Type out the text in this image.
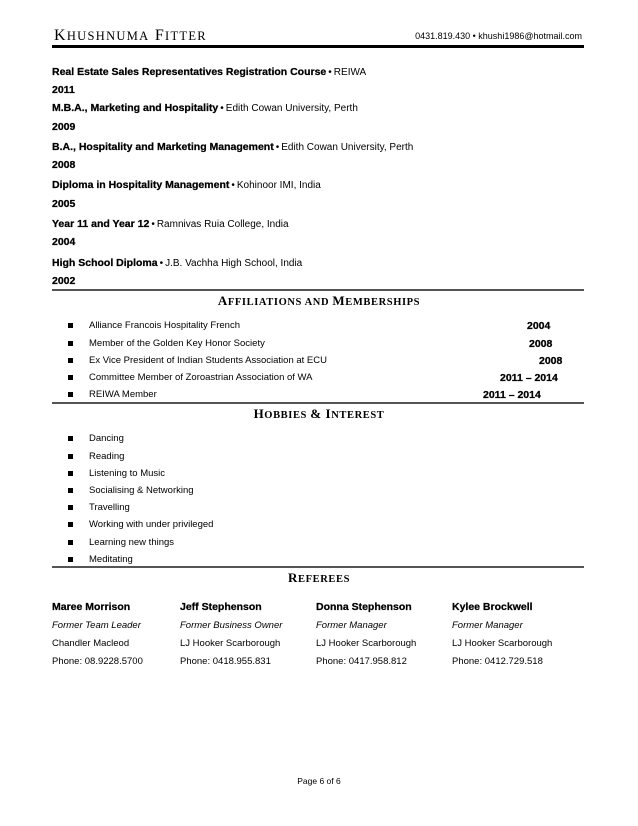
KHUSHNUMA FITTER	0431.819.430 • khushi1986@hotmail.com
Real Estate Sales Representatives Registration Course • REIWA
2011
M.B.A., Marketing and Hospitality • Edith Cowan University, Perth
2009
B.A., Hospitality and Marketing Management • Edith Cowan University, Perth
2008
Diploma in Hospitality Management • Kohinoor IMI, India
2005
Year 11 and Year 12 • Ramnivas Ruia College, India
2004
High School Diploma • J.B. Vachha High School, India
2002
AFFILIATIONS AND MEMBERSHIPS
Alliance Francois Hospitality French	2004
Member of the Golden Key Honor Society	2008
Ex Vice President of Indian Students Association at ECU	2008
Committee Member of Zoroastrian Association of WA	2011 – 2014
REIWA Member	2011 – 2014
HOBBIES & INTEREST
Dancing
Reading
Listening to Music
Socialising & Networking
Travelling
Working with under privileged
Learning new things
Meditating
REFEREES
Maree Morrison
Former Team Leader
Chandler Macleod
Phone: 08.9228.5700
Jeff Stephenson
Former Business Owner
LJ Hooker Scarborough
Phone: 0418.955.831
Donna Stephenson
Former Manager
LJ Hooker Scarborough
Phone: 0417.958.812
Kylee Brockwell
Former Manager
LJ Hooker Scarborough
Phone: 0412.729.518
Page 6 of 6
